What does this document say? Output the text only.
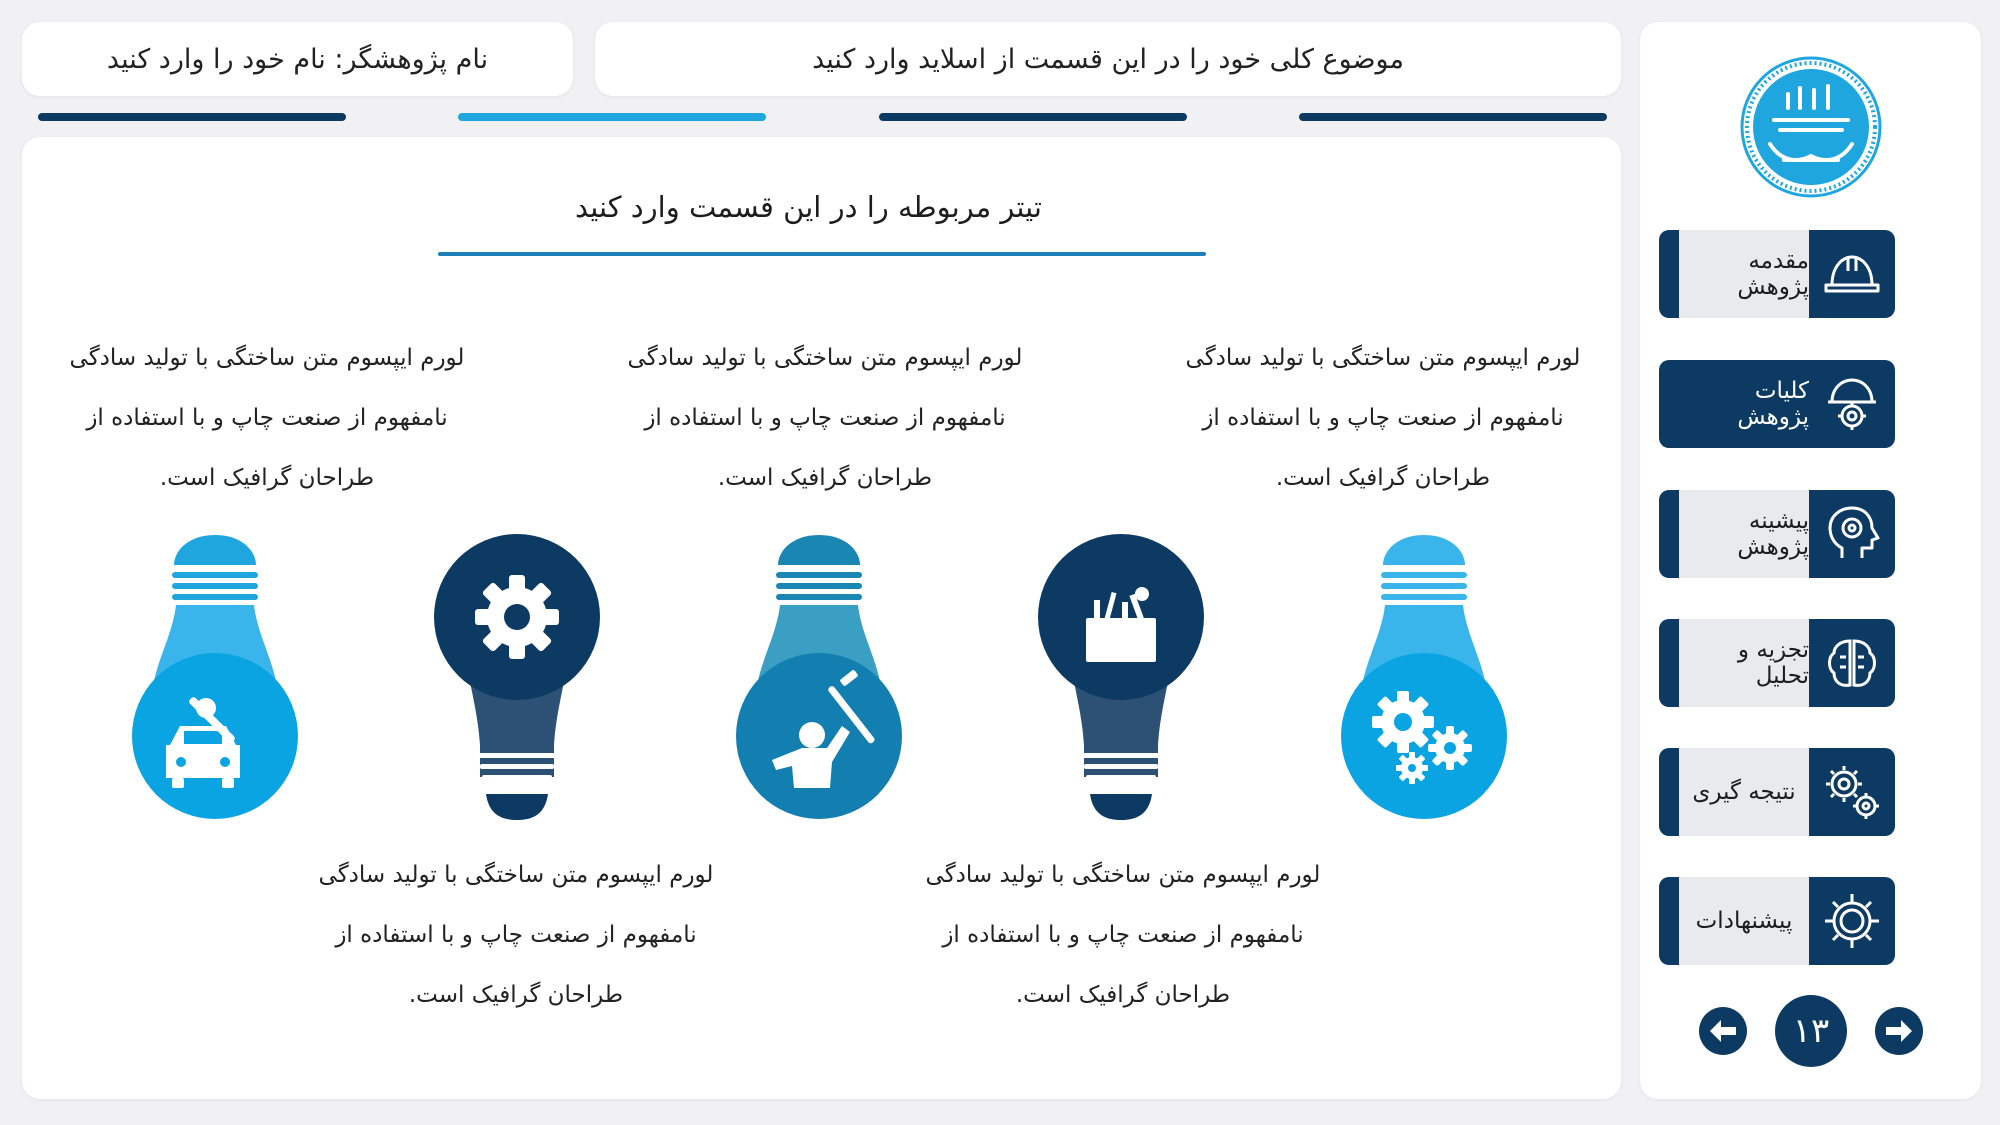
نام پژوهشگر: نام خود را وارد کنید	موضوع کلی خود را در این قسمت از اسلاید وارد کنید
تیتر مربوطه را در این قسمت وارد کنید
لورم ایپسوم متن ساختگی با تولید سادگی
نامفهوم از صنعت چاپ و با استفاده از
طراحان گرافیک است.
لورم ایپسوم متن ساختگی با تولید سادگی
نامفهوم از صنعت چاپ و با استفاده از
طراحان گرافیک است.
لورم ایپسوم متن ساختگی با تولید سادگی
نامفهوم از صنعت چاپ و با استفاده از
طراحان گرافیک است.
لورم ایپسوم متن ساختگی با تولید سادگی
نامفهوم از صنعت چاپ و با استفاده از
طراحان گرافیک است.
لورم ایپسوم متن ساختگی با تولید سادگی
نامفهوم از صنعت چاپ و با استفاده از
طراحان گرافیک است.
مقدمه پژوهش
کلیات پژوهش
پیشینه پژوهش
تجزیه و تحلیل
نتیجه گیری
پیشنهادات
۱۳
